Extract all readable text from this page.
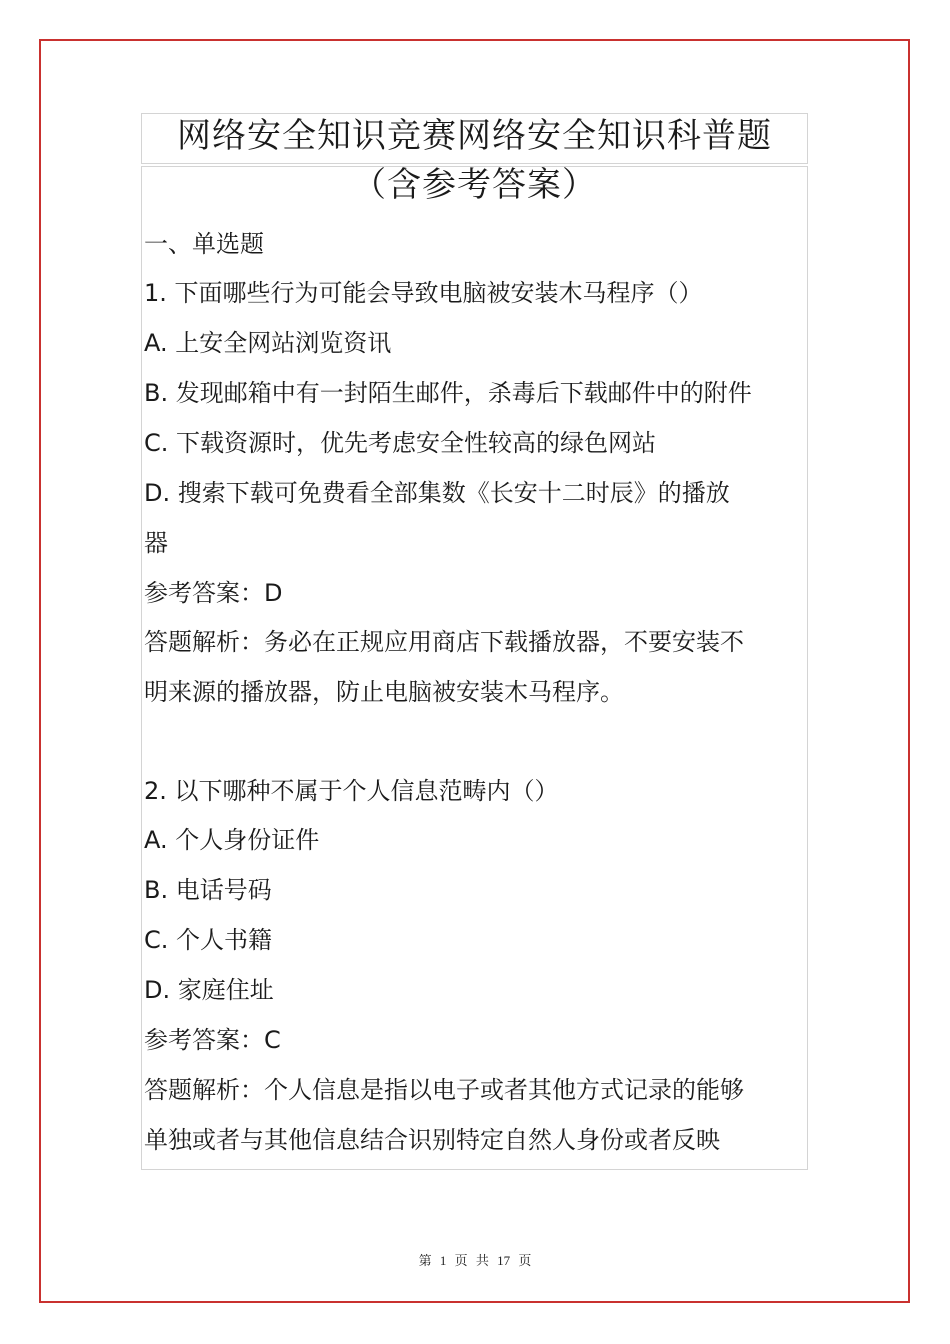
网络安全知识竞赛网络安全知识科普题
（含参考答案）

一、单选题

1. 下面哪些行为可能会导致电脑被安装木马程序（）

A. 上安全网站浏览资讯

B. 发现邮箱中有一封陌生邮件，杀毒后下载邮件中的附件

C. 下载资源时，优先考虑安全性较高的绿色网站

D. 搜索下载可免费看全部集数《长安十二时辰》的播放

器

参考答案：D

答题解析：务必在正规应用商店下载播放器，不要安装不

明来源的播放器，防止电脑被安装木马程序。

2. 以下哪种不属于个人信息范畴内（）

A. 个人身份证件

B. 电话号码

C. 个人书籍

D. 家庭住址

参考答案：C

答题解析：个人信息是指以电子或者其他方式记录的能够

单独或者与其他信息结合识别特定自然人身份或者反映

第 1 页 共 17 页
